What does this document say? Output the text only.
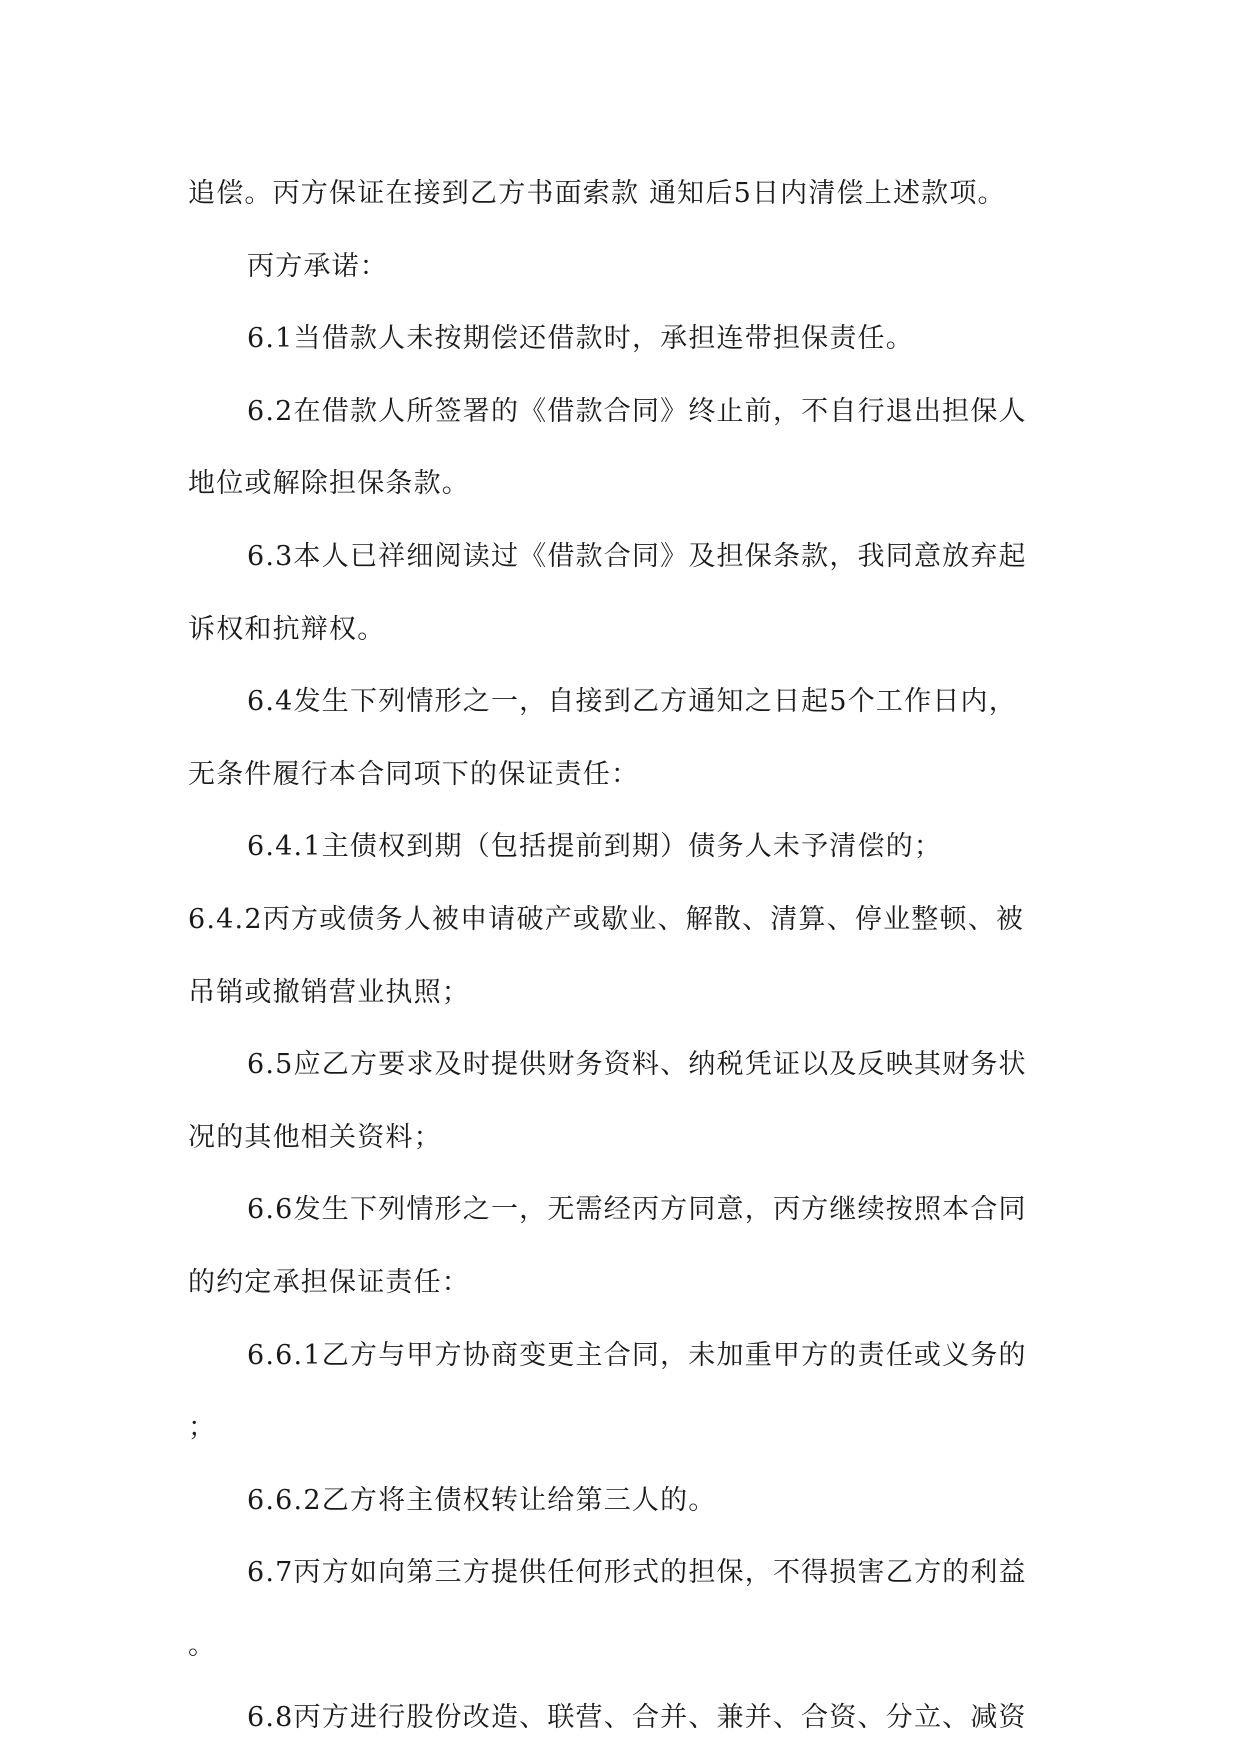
追偿。丙方保证在接到乙方书面索款 通知后5日内清偿上述款项。
丙方承诺：
6.1当借款人未按期偿还借款时，承担连带担保责任。
6.2在借款人所签署的《借款合同》终止前，不自行退出担保人
地位或解除担保条款。
6.3本人已祥细阅读过《借款合同》及担保条款，我同意放弃起
诉权和抗辩权。
6.4发生下列情形之一，自接到乙方通知之日起5个工作日内，
无条件履行本合同项下的保证责任：
6.4.1主债权到期（包括提前到期）债务人未予清偿的；
6.4.2丙方或债务人被申请破产或歇业、解散、清算、停业整顿、被
吊销或撤销营业执照；
6.5应乙方要求及时提供财务资料、纳税凭证以及反映其财务状
况的其他相关资料；
6.6发生下列情形之一，无需经丙方同意，丙方继续按照本合同
的约定承担保证责任：
6.6.1乙方与甲方协商变更主合同，未加重甲方的责任或义务的
；
6.6.2乙方将主债权转让给第三人的。
6.7丙方如向第三方提供任何形式的担保，不得损害乙方的利益
。
6.8丙方进行股份改造、联营、合并、兼并、合资、分立、减资
